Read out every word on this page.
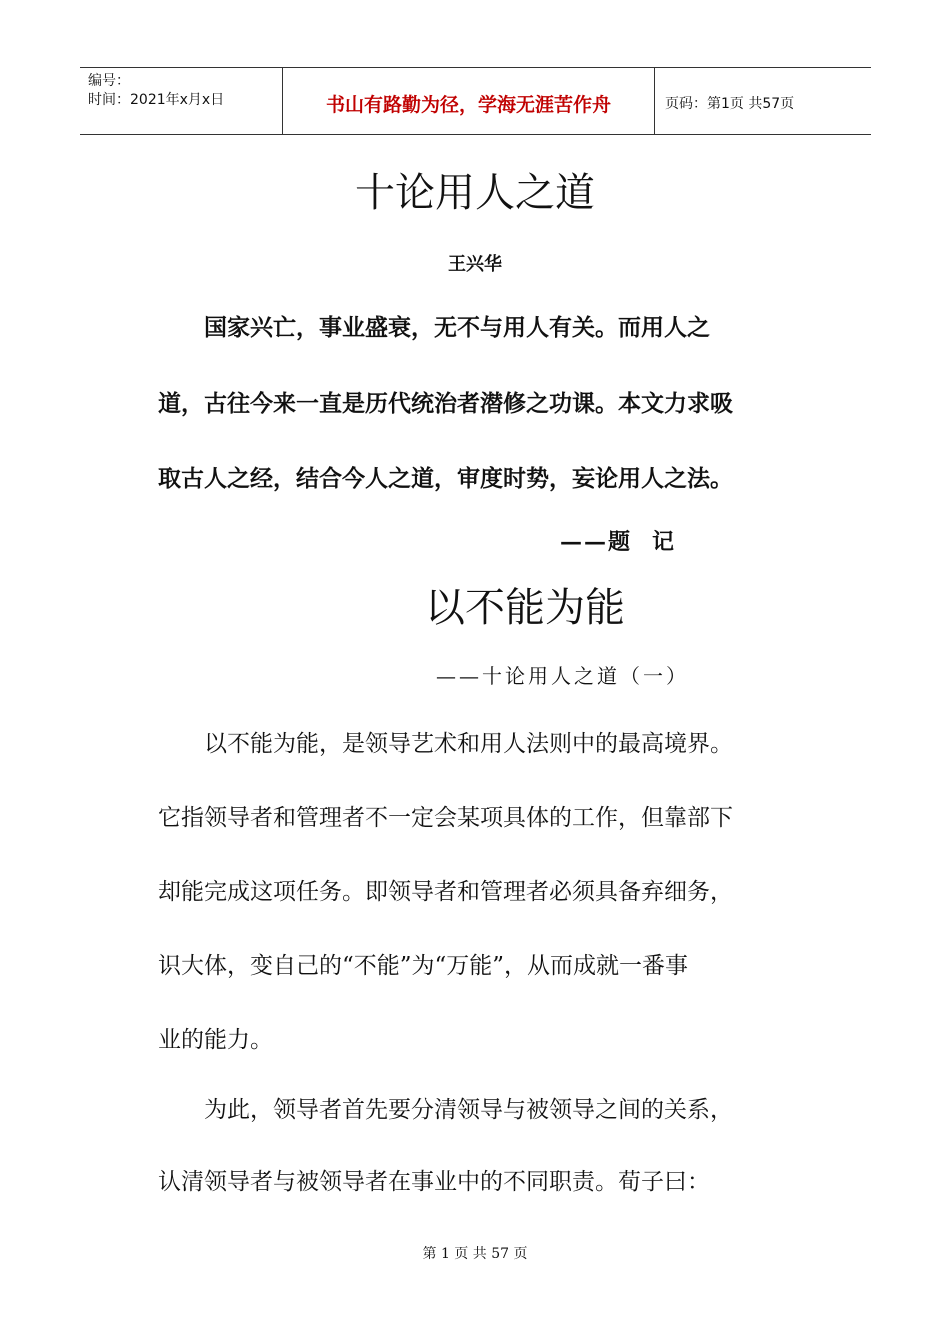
编号：
时间：2021年x月x日	书山有路勤为径，学海无涯苦作舟	页码：第1页 共57页
十论用人之道
王兴华
　　国家兴亡，事业盛衰，无不与用人有关。而用人之
道，古往今来一直是历代统治者潜修之功课。本文力求吸
取古人之经，结合今人之道，审度时势，妄论用人之法。
——题 记
以不能为能
——十论用人之道（一）
　　以不能为能，是领导艺术和用人法则中的最高境界。
它指领导者和管理者不一定会某项具体的工作，但靠部下
却能完成这项任务。即领导者和管理者必须具备弃细务，
识大体，变自己的“不能”为“万能”，从而成就一番事
业的能力。
　　为此，领导者首先要分清领导与被领导之间的关系，
认清领导者与被领导者在事业中的不同职责。荀子曰：
第 1 页 共 57 页
